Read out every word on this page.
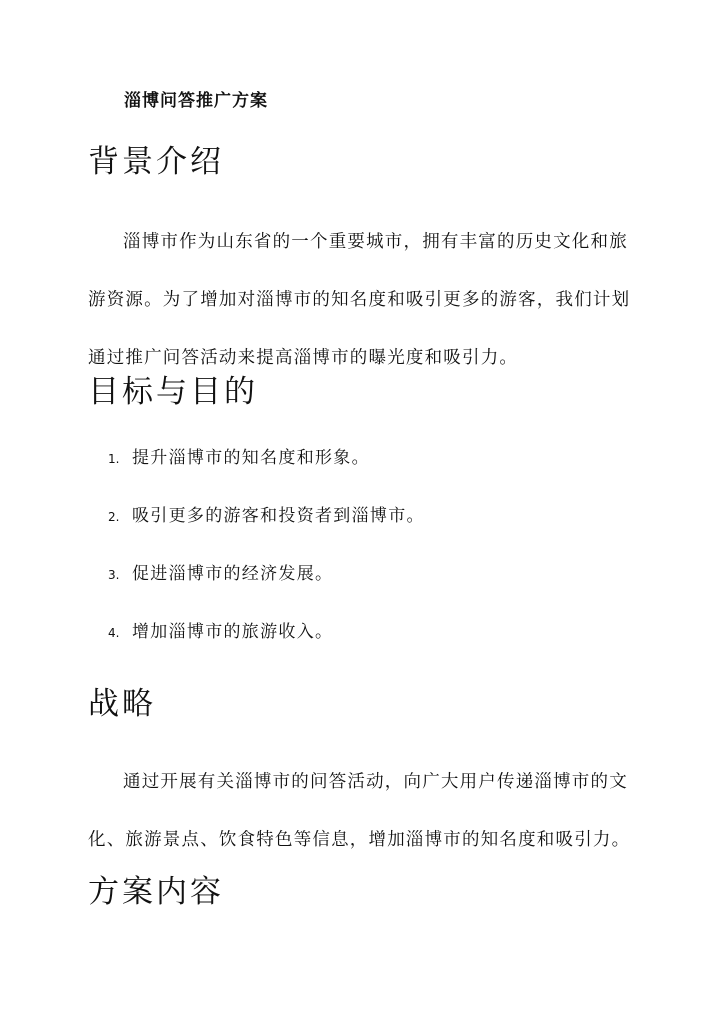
淄博问答推广方案
背景介绍

淄博市作为山东省的一个重要城市，拥有丰富的历史文化和旅
游资源。为了增加对淄博市的知名度和吸引更多的游客，我们计划
通过推广问答活动来提高淄博市的曝光度和吸引力。

目标与目的
1. 提升淄博市的知名度和形象。
2. 吸引更多的游客和投资者到淄博市。
3. 促进淄博市的经济发展。
4. 增加淄博市的旅游收入。
战略

通过开展有关淄博市的问答活动，向广大用户传递淄博市的文
化、旅游景点、饮食特色等信息，增加淄博市的知名度和吸引力。

方案内容
